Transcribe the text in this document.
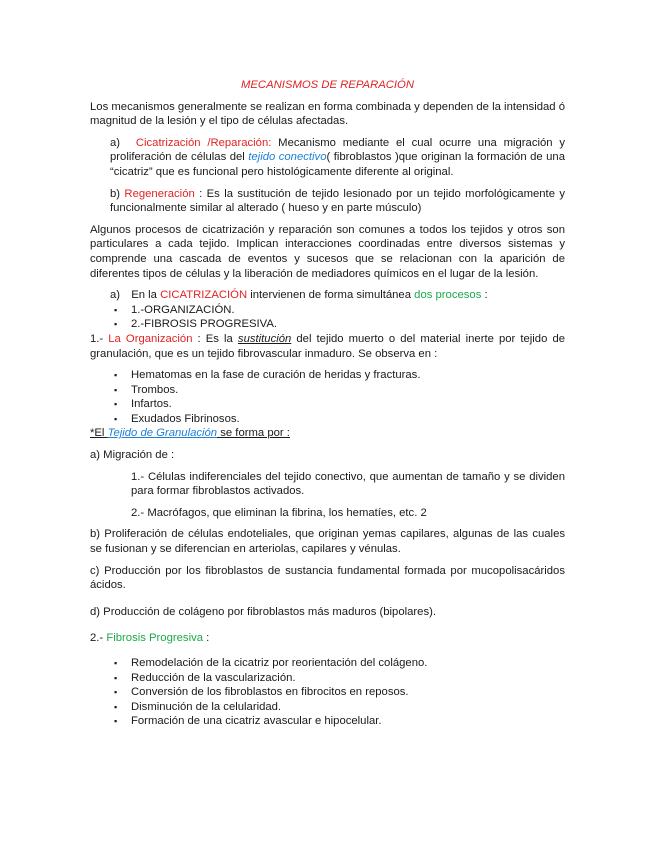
MECANISMOS DE REPARACIÓN

Los mecanismos generalmente se realizan en forma combinada y dependen de la intensidad ó magnitud de la lesión y el tipo de células afectadas.

a) Cicatrización /Reparación: Mecanismo mediante el cual ocurre una migración y proliferación de células del tejido conectivo( fibroblastos )que originan la formación de una “cicatriz” que es funcional pero histológicamente diferente al original.

b) Regeneración : Es la sustitución de tejido lesionado por un tejido morfológicamente y funcionalmente similar al alterado ( hueso y en parte músculo)

Algunos procesos de cicatrización y reparación son comunes a todos los tejidos y otros son particulares a cada tejido. Implican interacciones coordinadas entre diversos sistemas y comprende una cascada de eventos y sucesos que se relacionan con la aparición de diferentes tipos de células y la liberación de mediadores químicos en el lugar de la lesión.

a) En la CICATRIZACIÓN intervienen de forma simultánea dos procesos :

▪ 1.-ORGANIZACIÓN.
▪ 2.-FIBROSIS PROGRESIVA.

1.- La Organización : Es la sustitución del tejido muerto o del material inerte por tejido de granulación, que es un tejido fibrovascular inmaduro. Se observa en :

▪ Hematomas en la fase de curación de heridas y fracturas.
▪ Trombos.
▪ Infartos.
▪ Exudados Fibrinosos.

*El Tejido de Granulación se forma por :

a) Migración de :

1.- Células indiferenciales del tejido conectivo, que aumentan de tamaño y se dividen para formar fibroblastos activados.

2.- Macrófagos, que eliminan la fibrina, los hematíes, etc. 2

b) Proliferación de células endoteliales, que originan yemas capilares, algunas de las cuales se fusionan y se diferencian en arteriolas, capilares y vénulas.

c) Producción por los fibroblastos de sustancia fundamental formada por mucopolisacáridos ácidos.

d) Producción de colágeno por fibroblastos más maduros (bipolares).

2.- Fibrosis Progresiva :

▪ Remodelación de la cicatriz por reorientación del colágeno.
▪ Reducción de la vascularización.
▪ Conversión de los fibroblastos en fibrocitos en reposos.
▪ Disminución de la celularidad.
▪ Formación de una cicatriz avascular e hipocelular.
